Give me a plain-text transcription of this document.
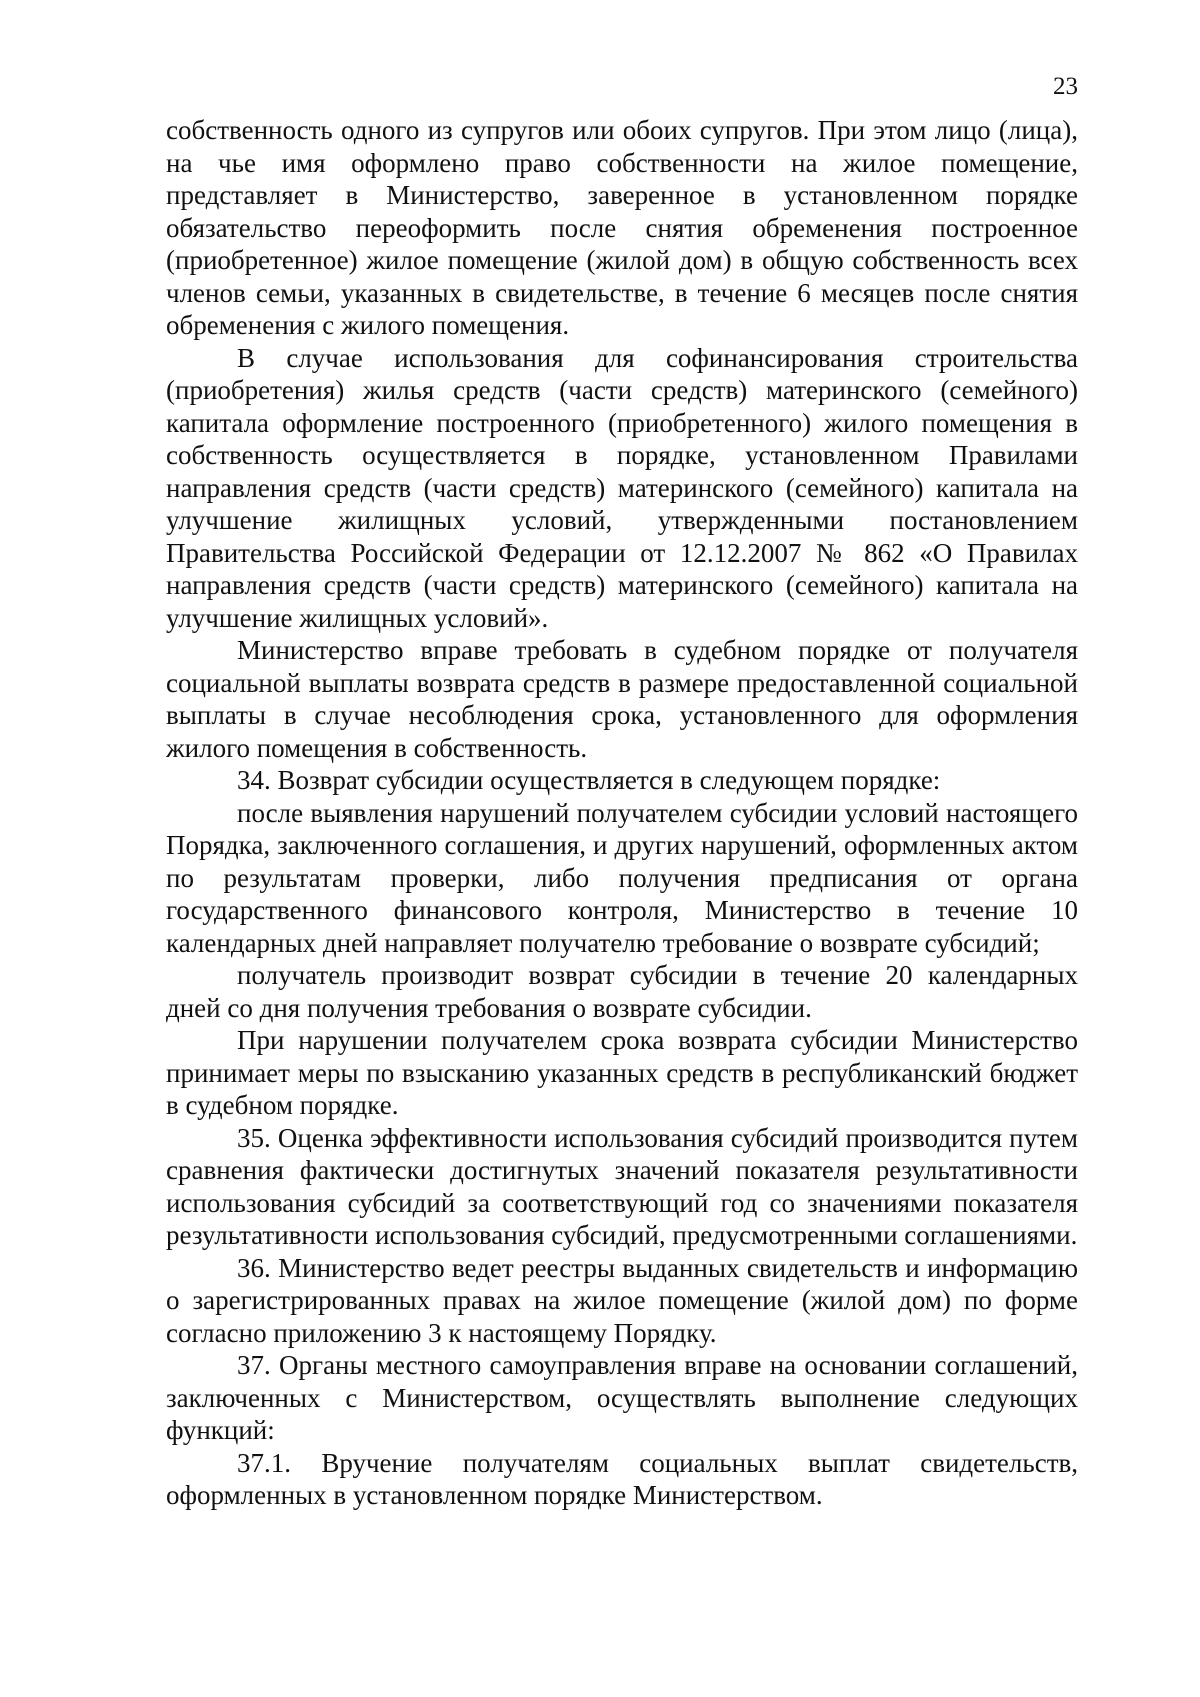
23

собственность одного из супругов или обоих супругов. При этом лицо (лица), на чье имя оформлено право собственности на жилое помещение, представляет в Министерство, заверенное в установленном порядке обязательство переоформить после снятия обременения построенное (приобретенное) жилое помещение (жилой дом) в общую собственность всех членов семьи, указанных в свидетельстве, в течение 6 месяцев после снятия обременения с жилого помещения.

В случае использования для софинансирования строительства (приобретения) жилья средств (части средств) материнского (семейного) капитала оформление построенного (приобретенного) жилого помещения в собственность осуществляется в порядке, установленном Правилами направления средств (части средств) материнского (семейного) капитала на улучшение жилищных условий, утвержденными постановлением Правительства Российской Федерации от 12.12.2007 № 862 «О Правилах направления средств (части средств) материнского (семейного) капитала на улучшение жилищных условий».

Министерство вправе требовать в судебном порядке от получателя социальной выплаты возврата средств в размере предоставленной социальной выплаты в случае несоблюдения срока, установленного для оформления жилого помещения в собственность.

34. Возврат субсидии осуществляется в следующем порядке:

после выявления нарушений получателем субсидии условий настоящего Порядка, заключенного соглашения, и других нарушений, оформленных актом по результатам проверки, либо получения предписания от органа государственного финансового контроля, Министерство в течение 10 календарных дней направляет получателю требование о возврате субсидий;

получатель производит возврат субсидии в течение 20 календарных дней со дня получения требования о возврате субсидии.

При нарушении получателем срока возврата субсидии Министерство принимает меры по взысканию указанных средств в республиканский бюджет в судебном порядке.

35. Оценка эффективности использования субсидий производится путем сравнения фактически достигнутых значений показателя результативности использования субсидий за соответствующий год со значениями показателя результативности использования субсидий, предусмотренными соглашениями.

36. Министерство ведет реестры выданных свидетельств и информацию о зарегистрированных правах на жилое помещение (жилой дом) по форме согласно приложению 3 к настоящему Порядку.

37. Органы местного самоуправления вправе на основании соглашений, заключенных с Министерством, осуществлять выполнение следующих функций:

37.1. Вручение получателям социальных выплат свидетельств, оформленных в установленном порядке Министерством.
